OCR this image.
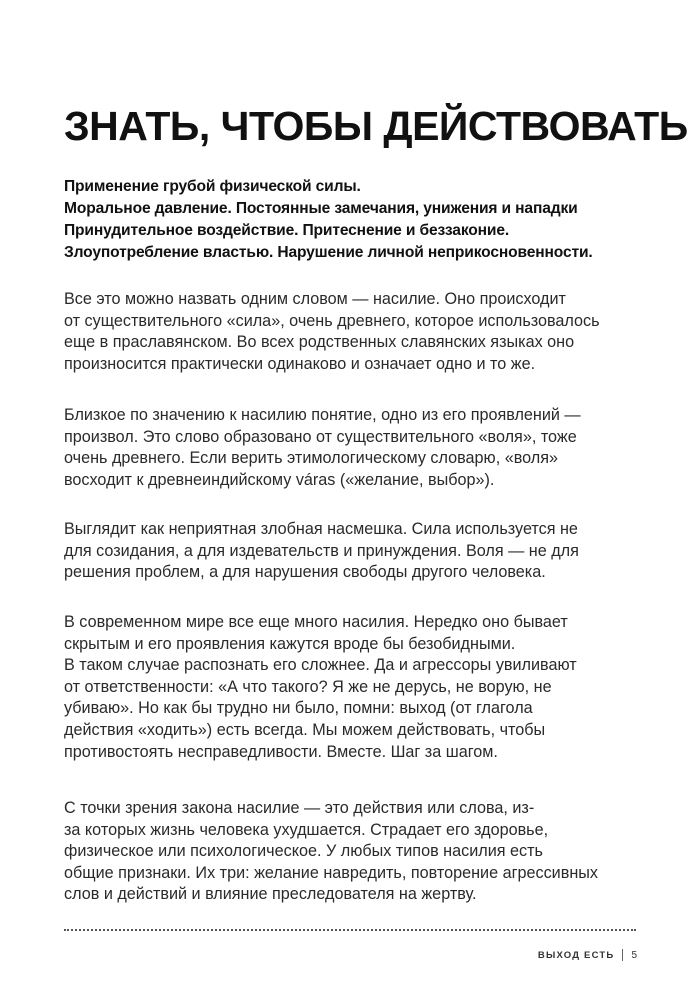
ЗНАТЬ, ЧТОБЫ ДЕЙСТВОВАТЬ
Применение грубой физической силы.
Моральное давление. Постоянные замечания, унижения и нападки
Принудительное воздействие. Притеснение и беззаконие.
Злоупотребление властью. Нарушение личной неприкосновенности.
Все это можно назвать одним словом — насилие. Оно происходит
от существительного «сила», очень древнего, которое использовалось
еще в праславянском. Во всех родственных славянских языках оно
произносится практически одинаково и означает одно и то же.
Близкое по значению к насилию понятие, одно из его проявлений —
произвол. Это слово образовано от существительного «воля», тоже
очень древнего. Если верить этимологическому словарю, «воля»
восходит к древнеиндийскому váras («желание, выбор»).
Выглядит как неприятная злобная насмешка. Сила используется не
для созидания, а для издевательств и принуждения. Воля — не для
решения проблем, а для нарушения свободы другого человека.
В современном мире все еще много насилия. Нередко оно бывает
скрытым и его проявления кажутся вроде бы безобидными.
В таком случае распознать его сложнее. Да и агрессоры увиливают
от ответственности: «А что такого? Я же не дерусь, не ворую, не
убиваю». Но как бы трудно ни было, помни: выход (от глагола
действия «ходить») есть всегда. Мы можем действовать, чтобы
противостоять несправедливости. Вместе. Шаг за шагом.
С точки зрения закона насилие — это действия или слова, из-
за которых жизнь человека ухудшается. Страдает его здоровье,
физическое или психологическое. У любых типов насилия есть
общие признаки. Их три: желание навредить, повторение агрессивных
слов и действий и влияние преследователя на жертву.
ВЫХОД ЕСТЬ 5
